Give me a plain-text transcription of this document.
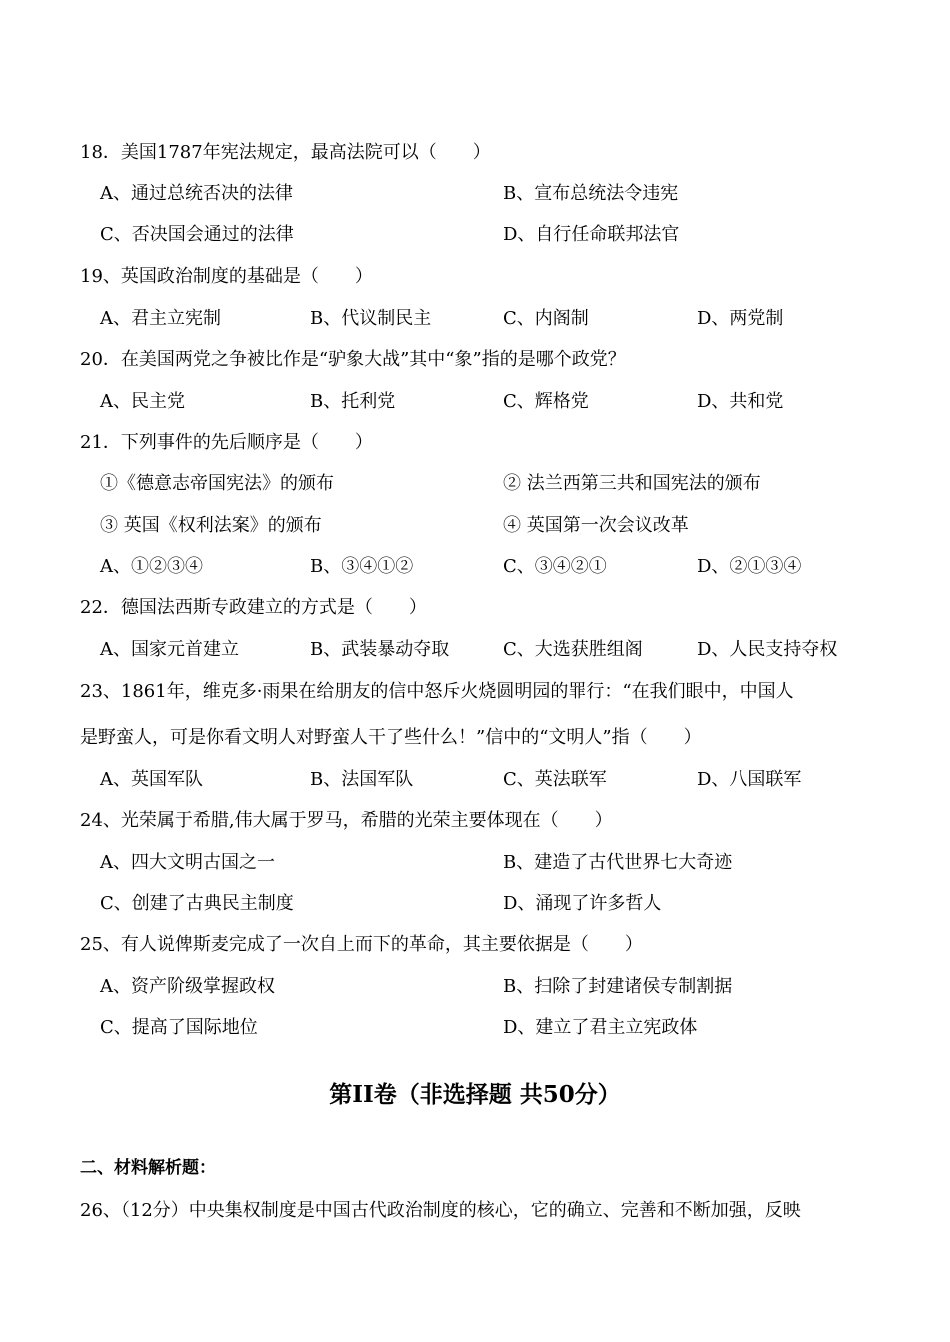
18．美国1787年宪法规定，最高法院可以（　　）
A、通过总统否决的法律	B、宣布总统法令违宪
C、否决国会通过的法律	D、自行任命联邦法官
19、英国政治制度的基础是（　　）
A、君主立宪制	B、代议制民主	C、内阁制	D、两党制
20．在美国两党之争被比作是“驴象大战”其中“象”指的是哪个政党？
A、民主党	B、托利党	C、辉格党	D、共和党
21．下列事件的先后顺序是（　　）
①《德意志帝国宪法》的颁布	② 法兰西第三共和国宪法的颁布
③ 英国《权利法案》的颁布	④ 英国第一次会议改革
A、①②③④	B、③④①②	C、③④②①	D、②①③④
22．德国法西斯专政建立的方式是（　　）
A、国家元首建立	B、武装暴动夺取	C、大选获胜组阁	D、人民支持夺权
23、1861年，维克多·雨果在给朋友的信中怒斥火烧圆明园的罪行：“在我们眼中，中国人
是野蛮人，可是你看文明人对野蛮人干了些什么！”信中的“文明人”指（　　）
A、英国军队	B、法国军队	C、英法联军	D、八国联军
24、光荣属于希腊,伟大属于罗马，希腊的光荣主要体现在（　　）
A、四大文明古国之一	B、建造了古代世界七大奇迹
C、创建了古典民主制度	D、涌现了许多哲人
25、有人说俾斯麦完成了一次自上而下的革命，其主要依据是（　　）
A、资产阶级掌握政权	B、扫除了封建诸侯专制割据
C、提高了国际地位	D、建立了君主立宪政体
第II卷（非选择题 共50分）
二、材料解析题：
26、（12分）中央集权制度是中国古代政治制度的核心，它的确立、完善和不断加强，反映
